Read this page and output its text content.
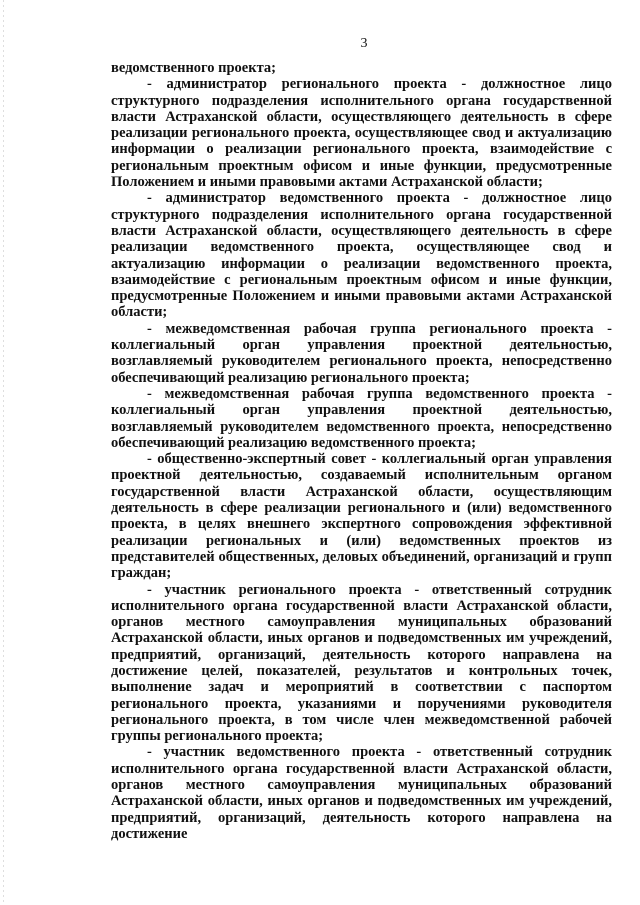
3

ведомственного проекта;

- администратор регионального проекта - должностное лицо структурного подразделения исполнительного органа государственной власти Астраханской области, осуществляющего деятельность в сфере реализации регионального проекта, осуществляющее свод и актуализацию информации о реализации регионального проекта, взаимодействие с региональным проектным офисом и иные функции, предусмотренные Положением и иными правовыми актами Астраханской области;

- администратор ведомственного проекта - должностное лицо структурного подразделения исполнительного органа государственной власти Астраханской области, осуществляющего деятельность в сфере реализации ведомственного проекта, осуществляющее свод и актуализацию информации о реализации ведомственного проекта, взаимодействие с региональным проектным офисом и иные функции, предусмотренные Положением и иными правовыми актами Астраханской области;

- межведомственная рабочая группа регионального проекта - коллегиальный орган управления проектной деятельностью, возглавляемый руководителем регионального проекта, непосредственно обеспечивающий реализацию регионального проекта;

- межведомственная рабочая группа ведомственного проекта - коллегиальный орган управления проектной деятельностью, возглавляемый руководителем ведомственного проекта, непосредственно обеспечивающий реализацию ведомственного проекта;

- общественно-экспертный совет - коллегиальный орган управления проектной деятельностью, создаваемый исполнительным органом государственной власти Астраханской области, осуществляющим деятельность в сфере реализации регионального и (или) ведомственного проекта, в целях внешнего экспертного сопровождения эффективной реализации региональных и (или) ведомственных проектов из представителей общественных, деловых объединений, организаций и групп граждан;

- участник регионального проекта - ответственный сотрудник исполнительного органа государственной власти Астраханской области, органов местного самоуправления муниципальных образований Астраханской области, иных органов и подведомственных им учреждений, предприятий, организаций, деятельность которого направлена на достижение целей, показателей, результатов и контрольных точек, выполнение задач и мероприятий в соответствии с паспортом регионального проекта, указаниями и поручениями руководителя регионального проекта, в том числе член межведомственной рабочей группы регионального проекта;

- участник ведомственного проекта - ответственный сотрудник исполнительного органа государственной власти Астраханской области, органов местного самоуправления муниципальных образований Астраханской области, иных органов и подведомственных им учреждений, предприятий, организаций, деятельность которого направлена на достижение
